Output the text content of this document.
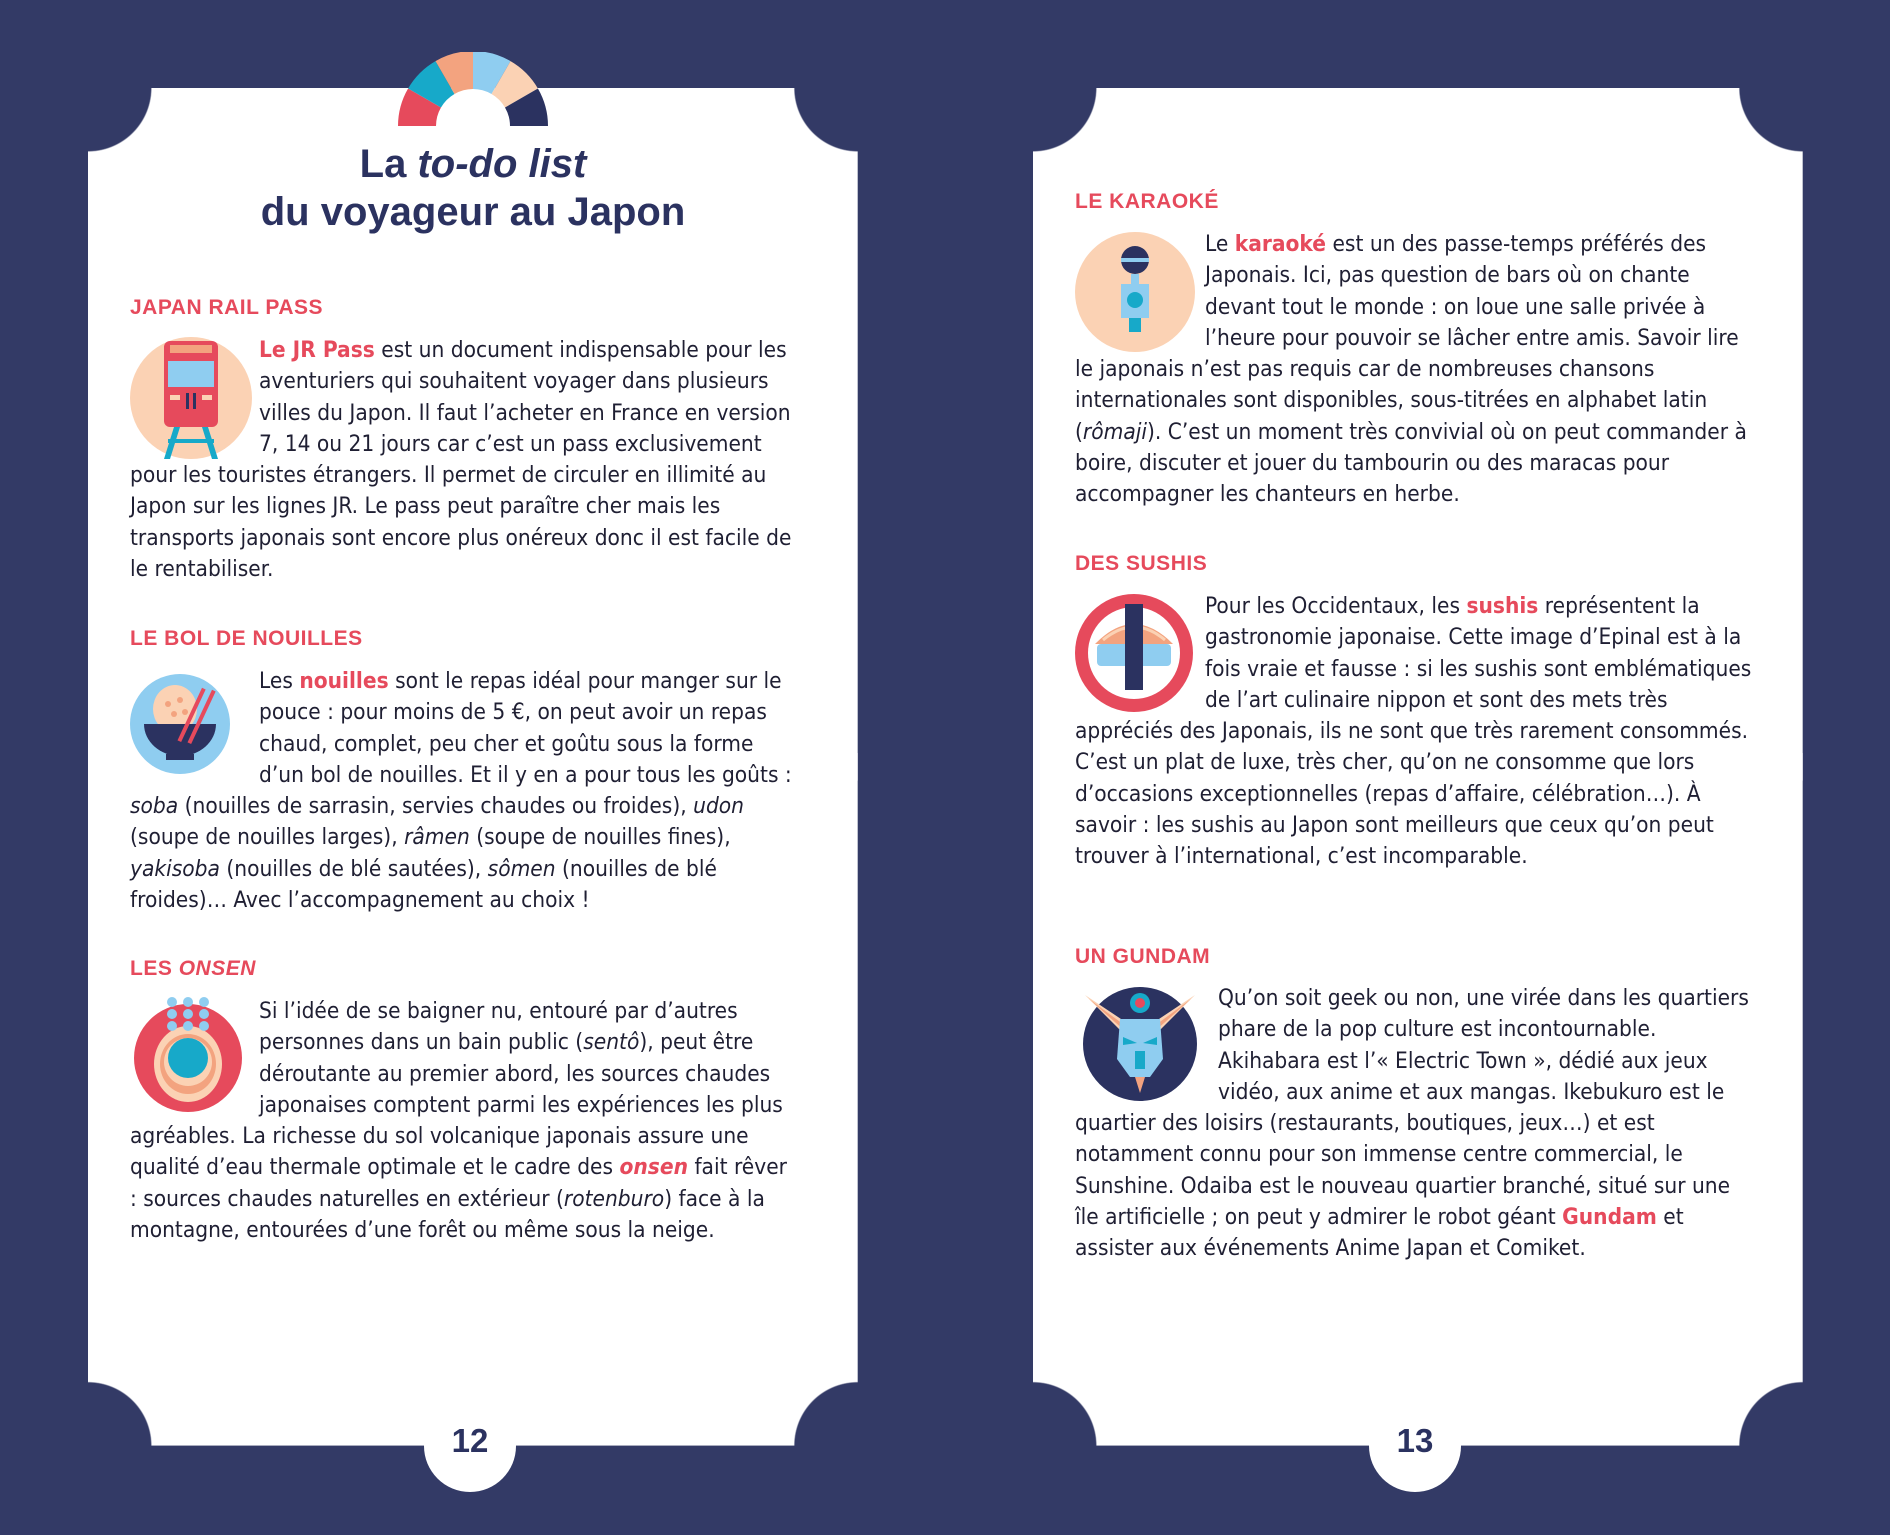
La to-do list
du voyageur au Japon
JAPAN RAIL PASS
Le JR Pass est un document indispensable pour les aventuriers qui souhaitent voyager dans plusieurs villes du Japon. Il faut l’acheter en France en version 7, 14 ou 21 jours car c’est un pass exclusivement pour les touristes étrangers. Il permet de circuler en illimité au Japon sur les lignes JR. Le pass peut paraître cher mais les transports japonais sont encore plus onéreux donc il est facile de le rentabiliser.
LE BOL DE NOUILLES
Les nouilles sont le repas idéal pour manger sur le pouce : pour moins de 5 €, on peut avoir un repas chaud, complet, peu cher et goûtu sous la forme d’un bol de nouilles. Et il y en a pour tous les goûts : soba (nouilles de sarrasin, servies chaudes ou froides), udon (soupe de nouilles larges), râmen (soupe de nouilles fines), yakisoba (nouilles de blé sautées), sômen (nouilles de blé froides)… Avec l’accompagnement au choix !
LES ONSEN
Si l’idée de se baigner nu, entouré par d’autres personnes dans un bain public (sentô), peut être déroutante au premier abord, les sources chaudes japonaises comptent parmi les expériences les plus agréables. La richesse du sol volcanique japonais assure une qualité d’eau thermale optimale et le cadre des onsen fait rêver : sources chaudes naturelles en extérieur (rotenburo) face à la montagne, entourées d’une forêt ou même sous la neige.
LE KARAOKÉ
Le karaoké est un des passe-temps préférés des Japonais. Ici, pas question de bars où on chante devant tout le monde : on loue une salle privée à l’heure pour pouvoir se lâcher entre amis. Savoir lire le japonais n’est pas requis car de nombreuses chansons internationales sont disponibles, sous-titrées en alphabet latin (rômaji). C’est un moment très convivial où on peut commander à boire, discuter et jouer du tambourin ou des maracas pour accompagner les chanteurs en herbe.
DES SUSHIS
Pour les Occidentaux, les sushis représentent la gastronomie japonaise. Cette image d’Epinal est à la fois vraie et fausse : si les sushis sont emblématiques de l’art culinaire nippon et sont des mets très appréciés des Japonais, ils ne sont que très rarement consommés. C’est un plat de luxe, très cher, qu’on ne consomme que lors d’occasions exceptionnelles (repas d’affaire, célébration…). À savoir : les sushis au Japon sont meilleurs que ceux qu’on peut trouver à l’international, c’est incomparable.
UN GUNDAM
Qu’on soit geek ou non, une virée dans les quartiers phare de la pop culture est incontournable. Akihabara est l’« Electric Town », dédié aux jeux vidéo, aux anime et aux mangas. Ikebukuro est le quartier des loisirs (restaurants, boutiques, jeux…) et est notamment connu pour son immense centre commercial, le Sunshine. Odaiba est le nouveau quartier branché, situé sur une île artificielle ; on peut y admirer le robot géant Gundam et assister aux événements Anime Japan et Comiket.
12	13
